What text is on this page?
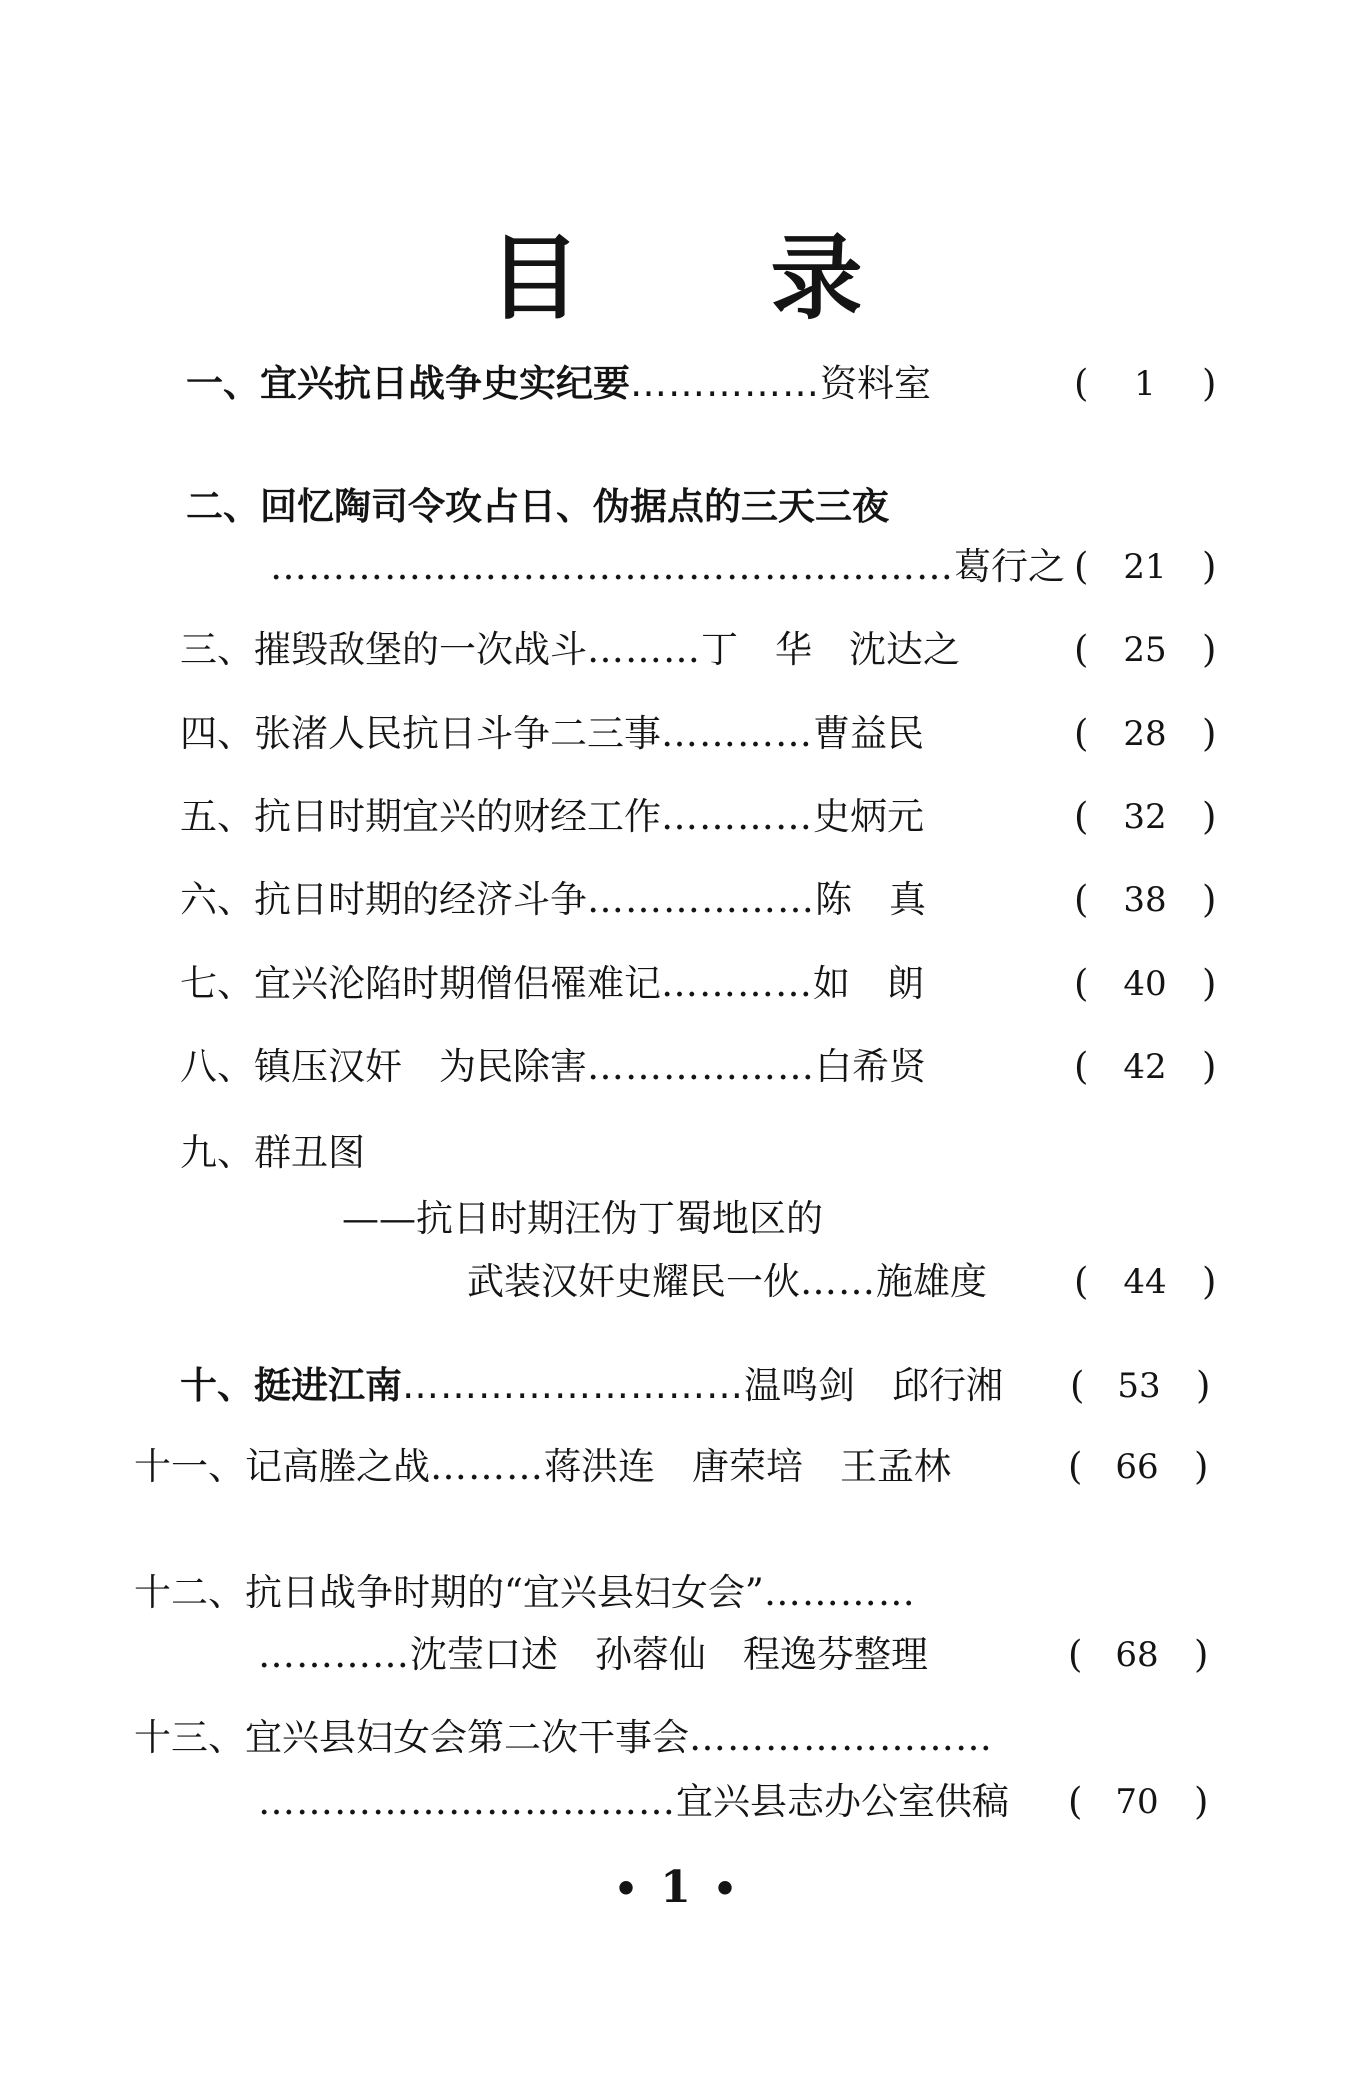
目 录
一、 宜兴抗日战争史实纪要 …………… 资料室	(	1	)
二、 回忆陶司令攻占日、伪据点的三天三夜
……………………………………………… 葛行之 (	21 )
三、 摧毁敌堡的一次战斗 ……… 丁　华　沈达之	(	25 )
四、 张渚人民抗日斗争二三事 ………… 曹益民	(	28 )
五、 抗日时期宜兴的财经工作 ………… 史炳元	(	32 )
六、 抗日时期的经济斗争 ……………… 陈　真	(	38 )
七、 宜兴沦陷时期僧侣罹难记 ………… 如　朗	(	40 )
八、 镇压汉奸　为民除害 ……………… 白希贤	(	42 )
九、 群丑图
——抗日时期汪伪丁蜀地区的
武装汉奸史耀民一伙 …… 施雄度 (	44 )
十、 挺进江南 ……………………… 温鸣剑　邱行湘 ( 53 )
十一、 记高塍之战 ……… 蒋洪连　唐荣培　王孟林	( 66 )
十二、 抗日战争时期的“宜兴县妇女会” …………
………… 沈莹口述　孙蓉仙　程逸芬整理	( 68 )
十三、 宜兴县妇女会第二次干事会 ……………………
…………………………… 宜兴县志办公室供稿 ( 70 )
• 1 •
